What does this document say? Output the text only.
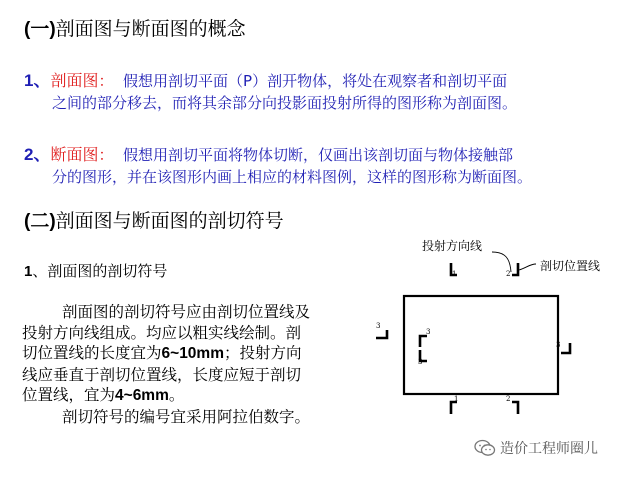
(一)剖面图与断面图的概念
1、剖面图： 假想用剖切平面（P）剖开物体，将处在观察者和剖切平面
之间的部分移去，而将其余部分向投影面投射所得的图形称为剖面图。
2、断面图： 假想用剖切平面将物体切断，仅画出该剖切面与物体接触部
分的图形，并在该图形内画上相应的材料图例，这样的图形称为断面图。
(二)剖面图与断面图的剖切符号
1、剖面图的剖切符号
剖面图的剖切符号应由剖切位置线及
投射方向线组成。均应以粗实线绘制。剖
切位置线的长度宜为6~10mm；投射方向
线应垂直于剖切位置线，长度应短于剖切
位置线，宜为4~6mm。
剖切符号的编号宜采用阿拉伯数字。
1	2
1	2
3
3
3
3
投射方向线
剖切位置线
造价工程师圈儿
